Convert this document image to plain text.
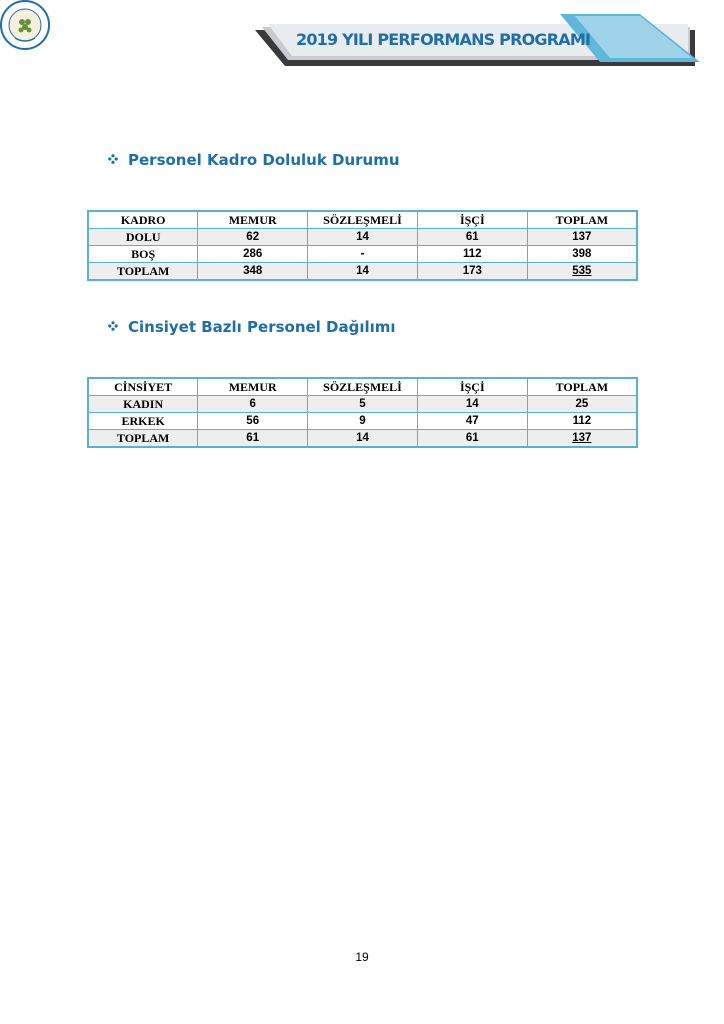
2019 YILI PERFORMANS PROGRAMI
Personel Kadro Doluluk Durumu
KADRO	MEMUR	SÖZLEŞMELİ	İŞÇİ	TOPLAM
DOLU	62	14	61	137
BOŞ	286	-	112	398
TOPLAM	348	14	173	535
Cinsiyet Bazlı Personel Dağılımı
CİNSİYET	MEMUR	SÖZLEŞMELİ	İŞÇİ	TOPLAM
KADIN	6	5	14	25
ERKEK	56	9	47	112
TOPLAM	61	14	61	137
19
